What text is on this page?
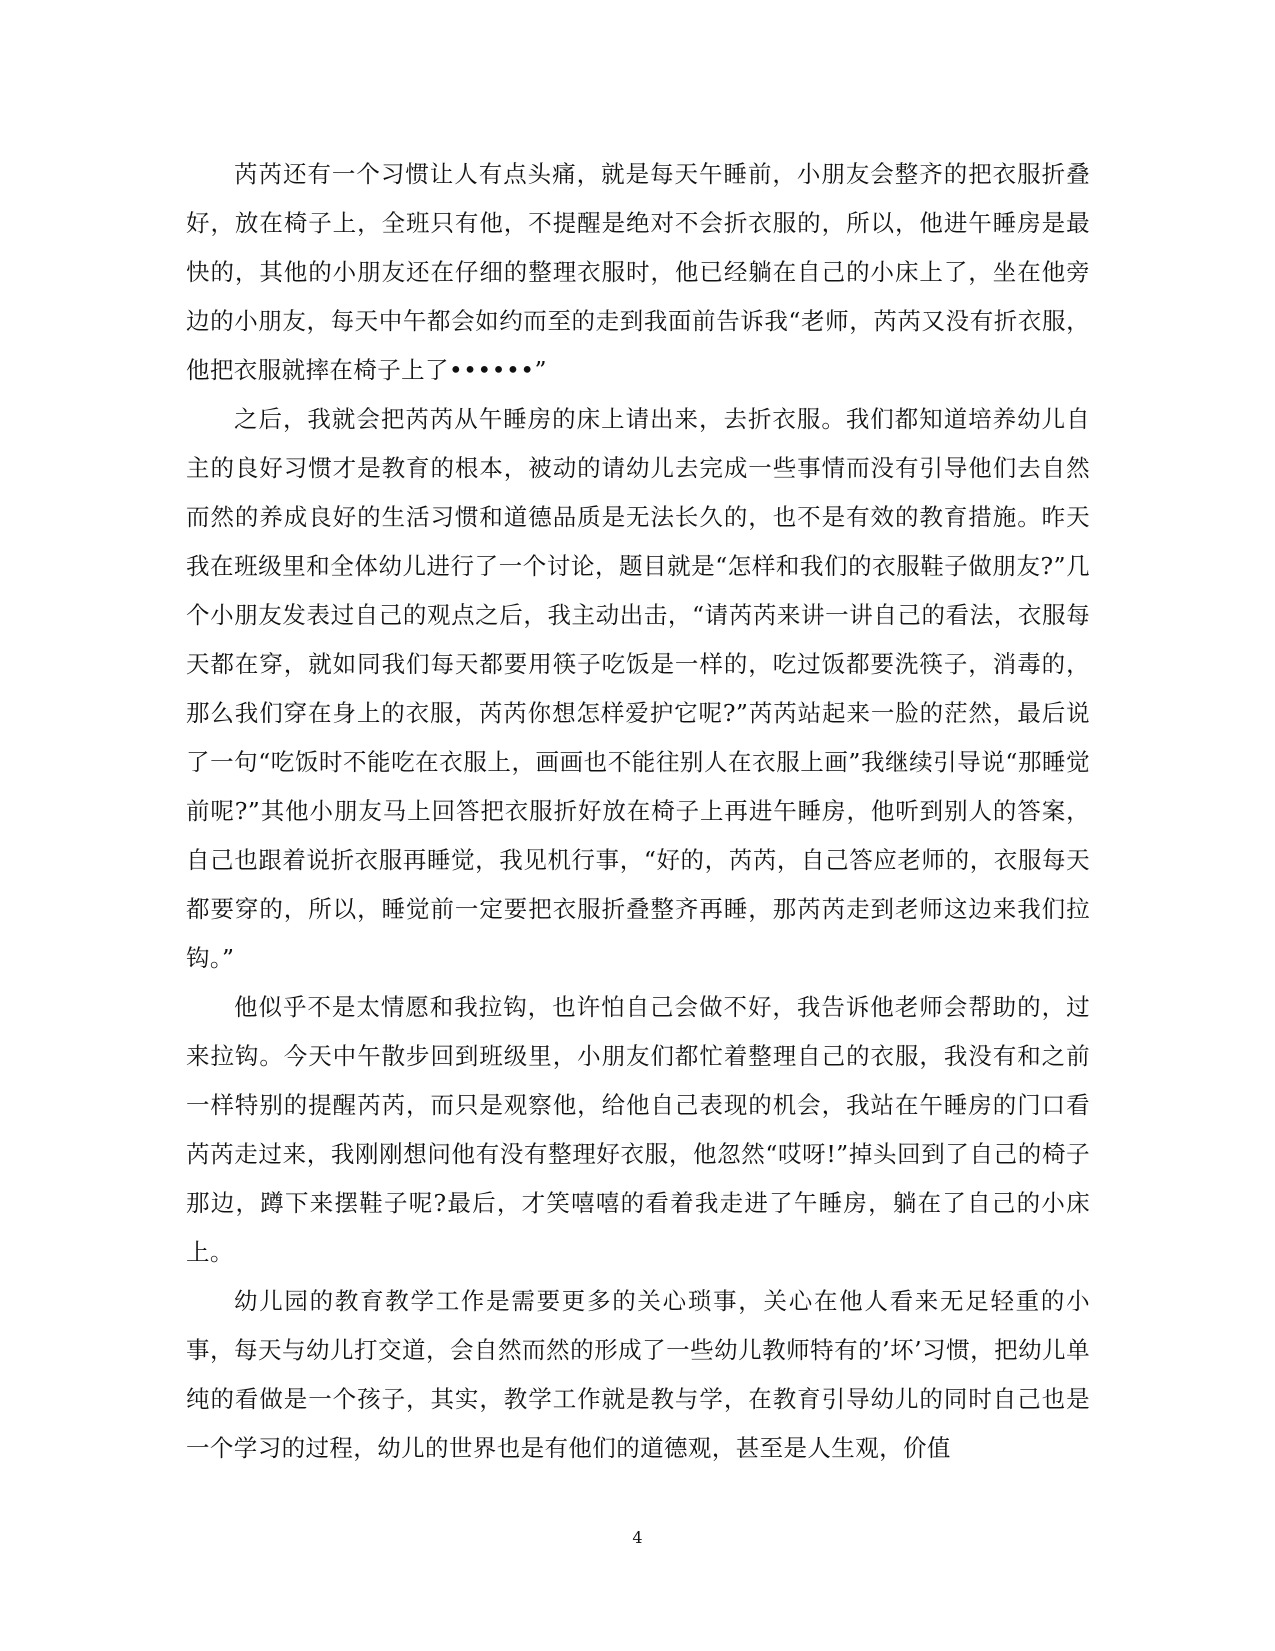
芮芮还有一个习惯让人有点头痛，就是每天午睡前，小朋友会整齐的把衣服折叠好，放在椅子上，全班只有他，不提醒是绝对不会折衣服的，所以，他进午睡房是最快的，其他的小朋友还在仔细的整理衣服时，他已经躺在自己的小床上了，坐在他旁边的小朋友，每天中午都会如约而至的走到我面前告诉我“老师，芮芮又没有折衣服，他把衣服就摔在椅子上了••••••”

之后，我就会把芮芮从午睡房的床上请出来，去折衣服。我们都知道培养幼儿自主的良好习惯才是教育的根本，被动的请幼儿去完成一些事情而没有引导他们去自然而然的养成良好的生活习惯和道德品质是无法长久的，也不是有效的教育措施。昨天我在班级里和全体幼儿进行了一个讨论，题目就是“怎样和我们的衣服鞋子做朋友?”几个小朋友发表过自己的观点之后，我主动出击，“请芮芮来讲一讲自己的看法，衣服每天都在穿，就如同我们每天都要用筷子吃饭是一样的，吃过饭都要洗筷子，消毒的，那么我们穿在身上的衣服，芮芮你想怎样爱护它呢?”芮芮站起来一脸的茫然，最后说了一句“吃饭时不能吃在衣服上，画画也不能往别人在衣服上画”我继续引导说“那睡觉前呢?”其他小朋友马上回答把衣服折好放在椅子上再进午睡房，他听到别人的答案，自己也跟着说折衣服再睡觉，我见机行事，“好的，芮芮，自己答应老师的，衣服每天都要穿的，所以，睡觉前一定要把衣服折叠整齐再睡，那芮芮走到老师这边来我们拉钩。”

他似乎不是太情愿和我拉钩，也许怕自己会做不好，我告诉他老师会帮助的，过来拉钩。今天中午散步回到班级里，小朋友们都忙着整理自己的衣服，我没有和之前一样特别的提醒芮芮，而只是观察他，给他自己表现的机会，我站在午睡房的门口看芮芮走过来，我刚刚想问他有没有整理好衣服，他忽然“哎呀!”掉头回到了自己的椅子那边，蹲下来摆鞋子呢?最后，才笑嘻嘻的看着我走进了午睡房，躺在了自己的小床上。

幼儿园的教育教学工作是需要更多的关心琐事，关心在他人看来无足轻重的小事，每天与幼儿打交道，会自然而然的形成了一些幼儿教师特有的’坏’习惯，把幼儿单纯的看做是一个孩子，其实，教学工作就是教与学，在教育引导幼儿的同时自己也是一个学习的过程，幼儿的世界也是有他们的道德观，甚至是人生观，价值

4
